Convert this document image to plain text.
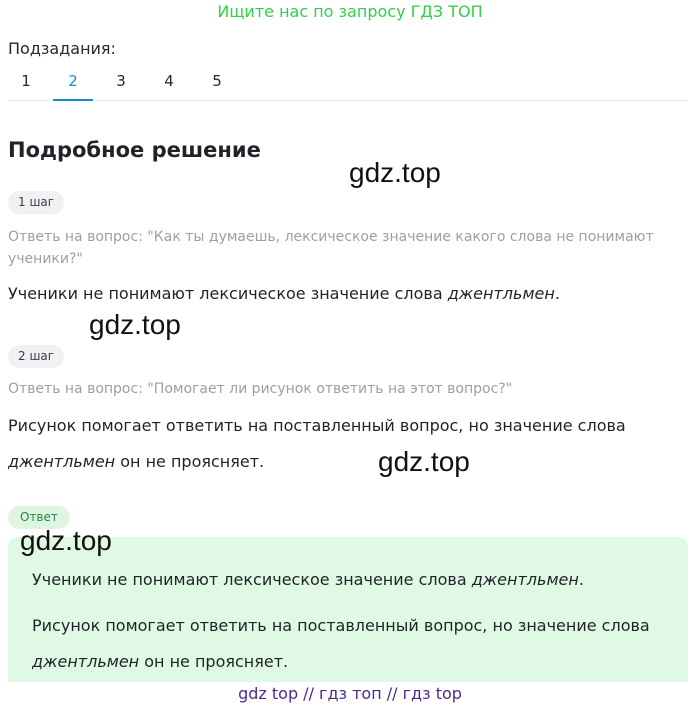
Ищите нас по запросу ГДЗ ТОП
Подзадания:
1	2	3	4	5
Подробное решение
gdz.top
1 шаг
Ответь на вопрос: "Как ты думаешь, лексическое значение какого слова не понимают ученики?"
Ученики не понимают лексическое значение слова джентльмен.
gdz.top
2 шаг
Ответь на вопрос: "Помогает ли рисунок ответить на этот вопрос?"
Рисунок помогает ответить на поставленный вопрос, но значение слова джентльмен он не проясняет.	gdz.top
Ответ
gdz.top
Ученики не понимают лексическое значение слова джентльмен.
Рисунок помогает ответить на поставленный вопрос, но значение слова
джентльмен он не проясняет.
gdz top // гдз топ // гдз top
